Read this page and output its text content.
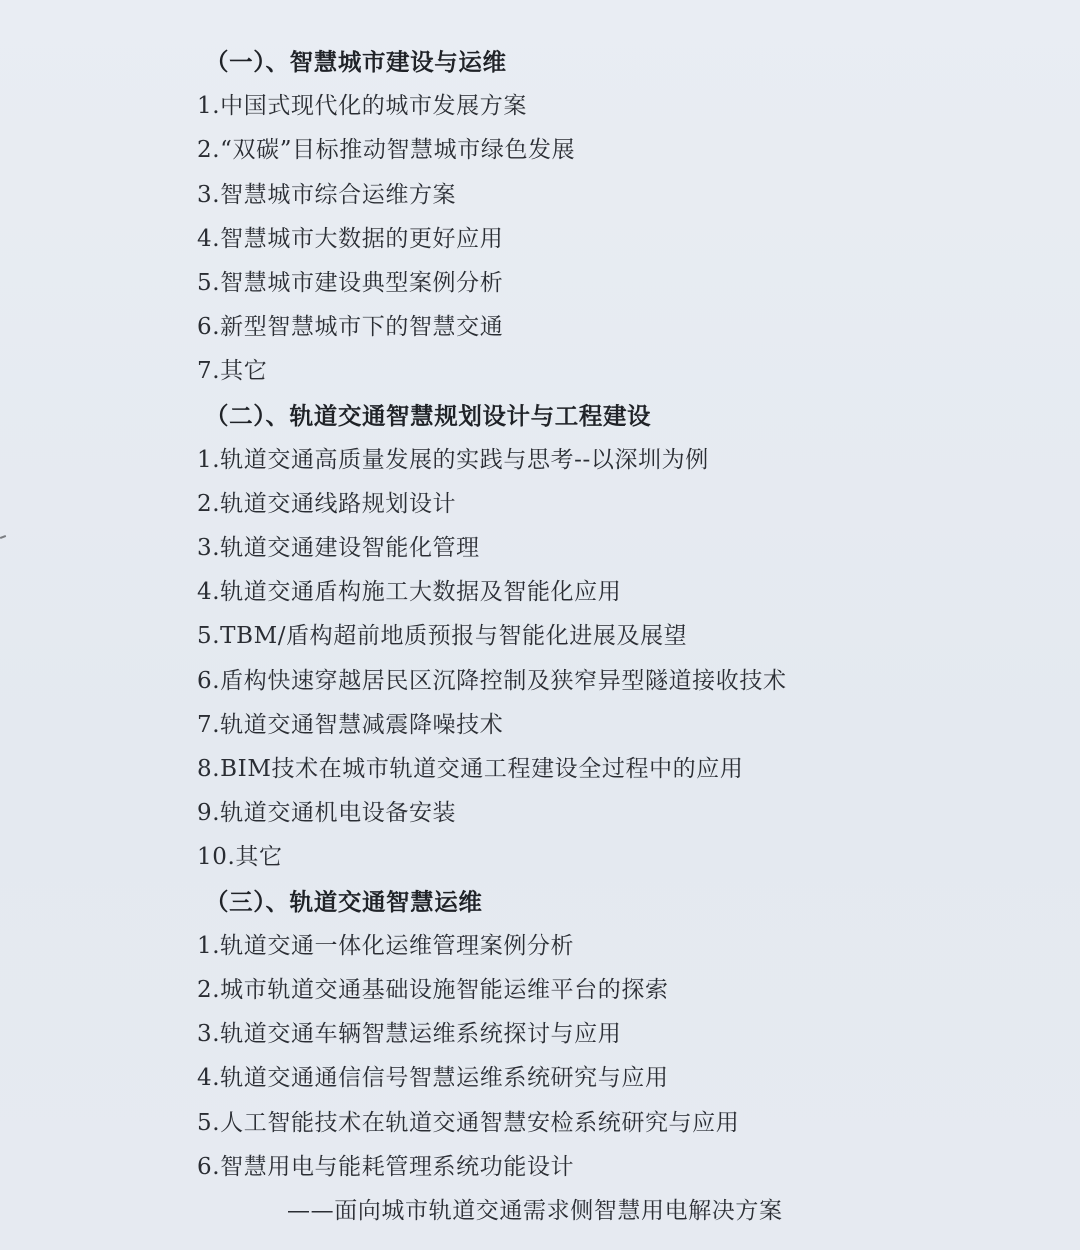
（一）、智慧城市建设与运维
1.中国式现代化的城市发展方案
2.“双碳”目标推动智慧城市绿色发展
3.智慧城市综合运维方案
4.智慧城市大数据的更好应用
5.智慧城市建设典型案例分析
6.新型智慧城市下的智慧交通
7.其它
（二）、轨道交通智慧规划设计与工程建设
1.轨道交通高质量发展的实践与思考--以深圳为例
2.轨道交通线路规划设计
3.轨道交通建设智能化管理
4.轨道交通盾构施工大数据及智能化应用
5.TBM/盾构超前地质预报与智能化进展及展望
6.盾构快速穿越居民区沉降控制及狭窄异型隧道接收技术
7.轨道交通智慧减震降噪技术
8.BIM技术在城市轨道交通工程建设全过程中的应用
9.轨道交通机电设备安装
10.其它
（三）、轨道交通智慧运维
1.轨道交通一体化运维管理案例分析
2.城市轨道交通基础设施智能运维平台的探索
3.轨道交通车辆智慧运维系统探讨与应用
4.轨道交通通信信号智慧运维系统研究与应用
5.人工智能技术在轨道交通智慧安检系统研究与应用
6.智慧用电与能耗管理系统功能设计
——面向城市轨道交通需求侧智慧用电解决方案
